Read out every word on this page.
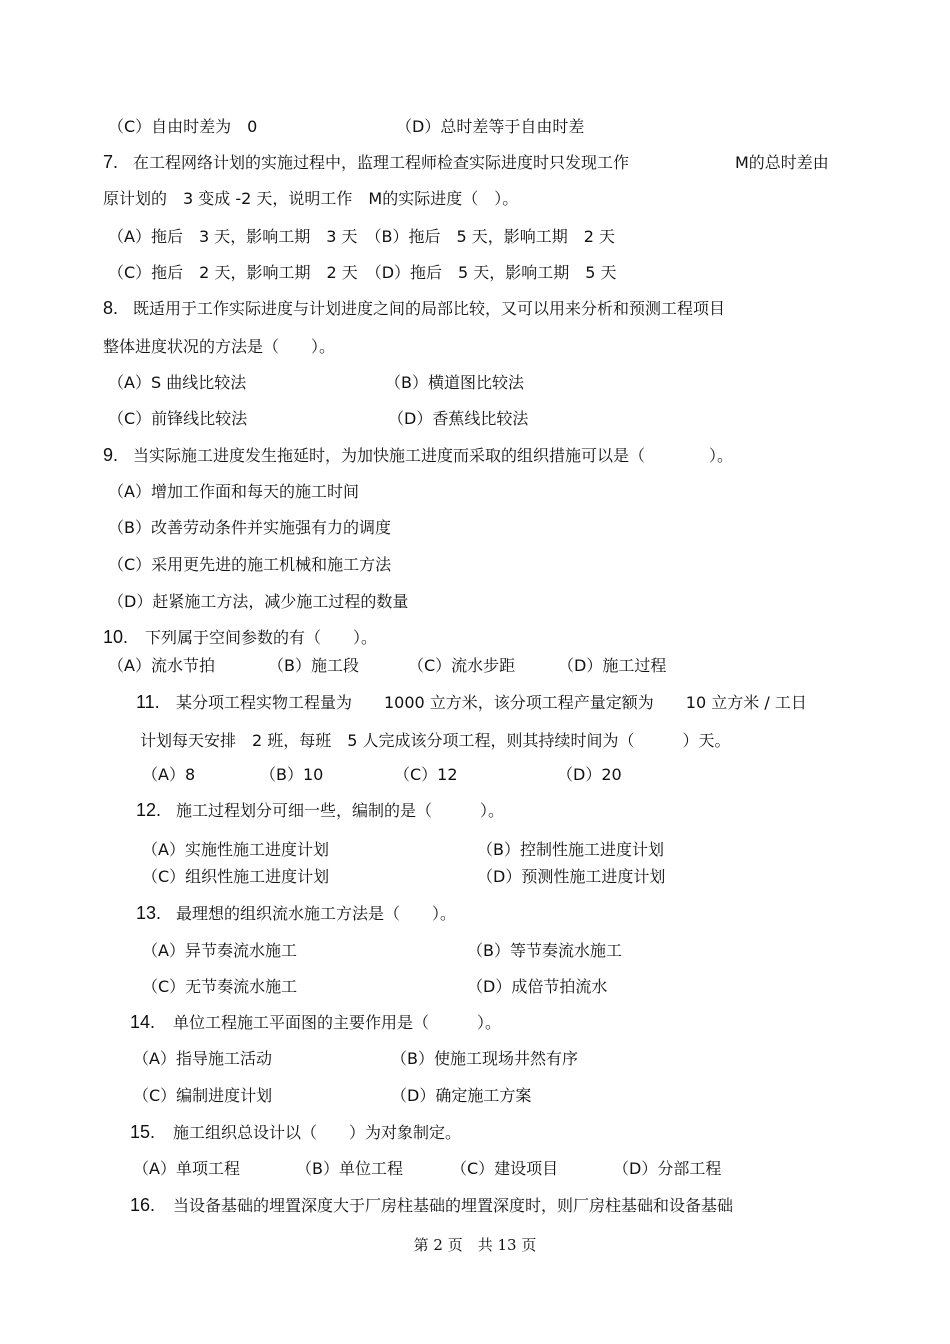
（C）自由时差为　0	（D）总时差等于自由时差
7. 在工程网络计划的实施过程中，监理工程师检查实际进度时只发现工作	M的总时差由
原计划的　3 变成 -2 天，说明工作　M的实际进度（　）。
（A）拖后　3 天，影响工期　3 天　（B）拖后　5 天，影响工期　2 天
（C）拖后　2 天，影响工期　2 天　（D）拖后　5 天，影响工期　5 天
8. 既适用于工作实际进度与计划进度之间的局部比较，又可以用来分析和预测工程项目
整体进度状况的方法是（　　）。
（A）S 曲线比较法	（B）横道图比较法
（C）前锋线比较法	（D）香蕉线比较法
9. 当实际施工进度发生拖延时，为加快施工进度而采取的组织措施可以是（　　　　）。
（A）增加工作面和每天的施工时间
（B）改善劳动条件并实施强有力的调度
（C）采用更先进的施工机械和施工方法
（D）赶紧施工方法，减少施工过程的数量
10. 下列属于空间参数的有（　　）。
（A）流水节拍	（B）施工段	（C）流水步距	（D）施工过程
11. 某分项工程实物工程量为　　1000 立方米，该分项工程产量定额为　　10 立方米 / 工日
计划每天安排　2 班，每班　5 人完成该分项工程，则其持续时间为（　　　）天。
（A）8	（B）10	（C）12	（D）20
12. 施工过程划分可细一些，编制的是（　　　）。
（A）实施性施工进度计划	（B）控制性施工进度计划
（C）组织性施工进度计划	（D）预测性施工进度计划
13. 最理想的组织流水施工方法是（　　）。
（A）异节奏流水施工	（B）等节奏流水施工
（C）无节奏流水施工	（D）成倍节拍流水
14. 单位工程施工平面图的主要作用是（　　　）。
（A）指导施工活动	（B）使施工现场井然有序
（C）编制进度计划	（D）确定施工方案
15. 施工组织总设计以（　　）为对象制定。
（A）单项工程	（B）单位工程	（C）建设项目	（D）分部工程
16. 当设备基础的埋置深度大于厂房柱基础的埋置深度时，则厂房柱基础和设备基础
第 2 页　共 13 页
